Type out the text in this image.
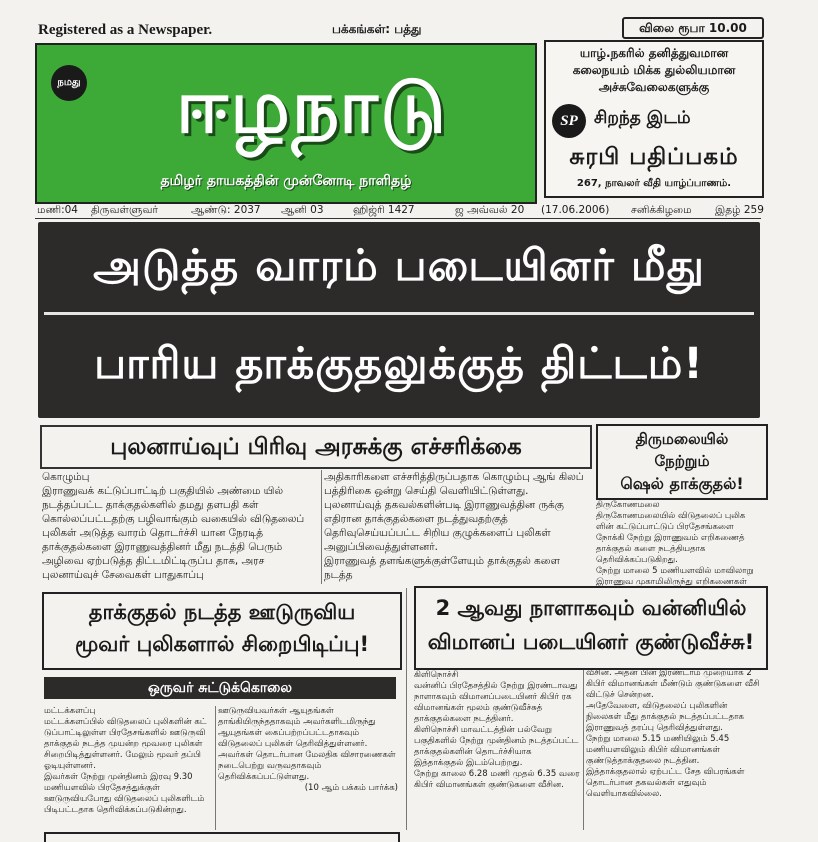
Registered as a Newspaper.	பக்கங்கள்: பத்து	விலை ரூபா 10.00
நமது	ஈழநாடு
தமிழர் தாயகத்தின் முன்னோடி நாளிதழ்
யாழ்.நகரில் தனித்துவமான
கலைநயம் மிக்க துல்லியமான
அச்சுவேலைகளுக்கு
SP சிறந்த இடம்
சுரபி பதிப்பகம்
267, நாவலர் வீதி யாழ்ப்பாணம்.
மணி:04 திருவள்ளுவர்	ஆண்டு: 2037 ஆனி 03	ஹிஜ்ரி 1427	ஜ அவ்வல் 20 (17.06.2006) சனிக்கிழமை இதழ் 259
அடுத்த வாரம் படையினர் மீது
பாரிய தாக்குதலுக்குத் திட்டம்!
புலனாய்வுப் பிரிவு அரசுக்கு எச்சரிக்கை

கொழும்பு
இராணுவக் கட்டுப்பாட்டிற் பகுதியில் அண்மை யில் நடத்தப்பட்ட தாக்குதல்களில் தமது தளபதி கள் கொல்லப்பட்டதற்கு பழிவாங்கும் வகையில் விடுதலைப் புலிகள் அடுத்த வாரம் தொடர்ச்சி யான நேரடித் தாக்குதல்களை இராணுவத்தினர் மீது நடத்தி பெரும் அழிவை ஏற்படுத்த திட்டமிட்டிருப்ப தாக, அரச புலனாய்வுச் சேவைகள் பாதுகாப்பு

அதிகாரிகளை எச்சரித்திருப்பதாக கொழும்பு ஆங் கிலப் பத்திரிகை ஒன்று செய்தி வெளியிட்டுள்ளது.
புலனாய்வுத் தகவல்களின்படி இராணுவத்தின ருக்கு எதிரான தாக்குதல்களை நடத்துவதற்குத் தெரிவுசெய்யப்பட்ட சிறிய குழுக்களைப் புலிகள் அனுப்பிவைத்துள்ளனர்.
இராணுவத் தளங்களுக்குள்ளேயும் தாக்குதல் களை நடத்த

திருமலையில்
நேற்றும்
ஷெல் தாக்குதல்!

திருகோணமலை
திருகோணமலையில் விடுதலைப் புலிக ளின் கட்டுப்பாட்டுப் பிரதேசங்களை நோக்கி நேற்று இராணுவம் எறிகணைத் தாக்குதல் களை நடத்தியதாக தெரிவிக்கப்படுகிறது.
நேற்று மாலை 5 மணியளவில் மாவிலாறு இராணுவ முகாமிலிருந்து எறிகணைகள்

தாக்குதல் நடத்த ஊடுருவிய
மூவர் புலிகளால் சிறைபிடிப்பு!
ஒருவர் சுட்டுக்கொலை

மட்டக்களப்பு
மட்டக்களப்பில் விடுதலைப் புலிகளின் கட் டுப்பாட்டிலுள்ள பிரதேசங்களில் ஊடுருவி தாக்குதல் நடத்த முயன்ற மூவரை புலிகள் சிறைபிடித்துள்ளனர். மேலும் மூவர் தப்பி ஓடியுள்ளனர்.
இவர்கள் நேற்று முன்தினம் இரவு 9.30 மணியளவில் பிரதேசத்துக்குள் ஊடுருவியபோது விடுதலைப் புலிகளிடம் பிடிபட்டதாக தெரிவிக்கப்படுகின்றது.

ஊடுருவியவர்கள் ஆயுதங்கள் தாங்கியிருந்ததாகவும் அவர்களிடமிருந்து ஆயுதங்கள் கைப்பற்றப்பட்டதாகவும் விடுதலைப் புலிகள் தெரிவித்துள்ளனர்.
அவர்கள் தொடர்பான மேலதிக விசாரணைகள் நடைபெற்று வருவதாகவும் தெரிவிக்கப்பட்டுள்ளது.

(10 ஆம் பக்கம் பார்க்க)

2 ஆவது நாளாகவும் வன்னியில்
விமானப் படையினர் குண்டுவீச்சு!

கிளிநொச்சி
வன்னிப் பிரதேசத்தில் நேற்று இரண்டாவது நாளாகவும் விமானப்படையினர் கிபிர் ரக விமானங்கள் மூலம் குண்டுவீச்சுத் தாக்குதல்களை நடத்தினர்.
கிளிநொச்சி மாவட்டத்தின் பல்வேறு பகுதிகளில் நேற்று முன்தினம் நடத்தப்பட்ட தாக்குதல்களின் தொடர்ச்சியாக இத்தாக்குதல் இடம்பெற்றது.
நேற்று காலை 6.28 மணி முதல் 6.35 வரை கிபிர் விமானங்கள் குண்டுகளை வீசின.

வீசின. அதன் பின் இரண்டாம் முறையாக 2 கிபிர் விமானங்கள் மீண்டும் குண்டுகளை வீசி விட்டுச் சென்றன.
அதேவேளை, விடுதலைப் புலிகளின் நிலைகள் மீது தாக்குதல் நடத்தப்பட்டதாக இராணுவத் தரப்பு தெரிவித்துள்ளது.
நேற்று மாலை 5.15 மணியிலும் 5.45 மணியளவிலும் கிபிர் விமானங்கள் குண்டுத்தாக்குதலை நடத்தின.
இத்தாக்குதலால் ஏற்பட்ட சேத விபரங்கள் தொடர்பான தகவல்கள் எதுவும் வெளியாகவில்லை.
